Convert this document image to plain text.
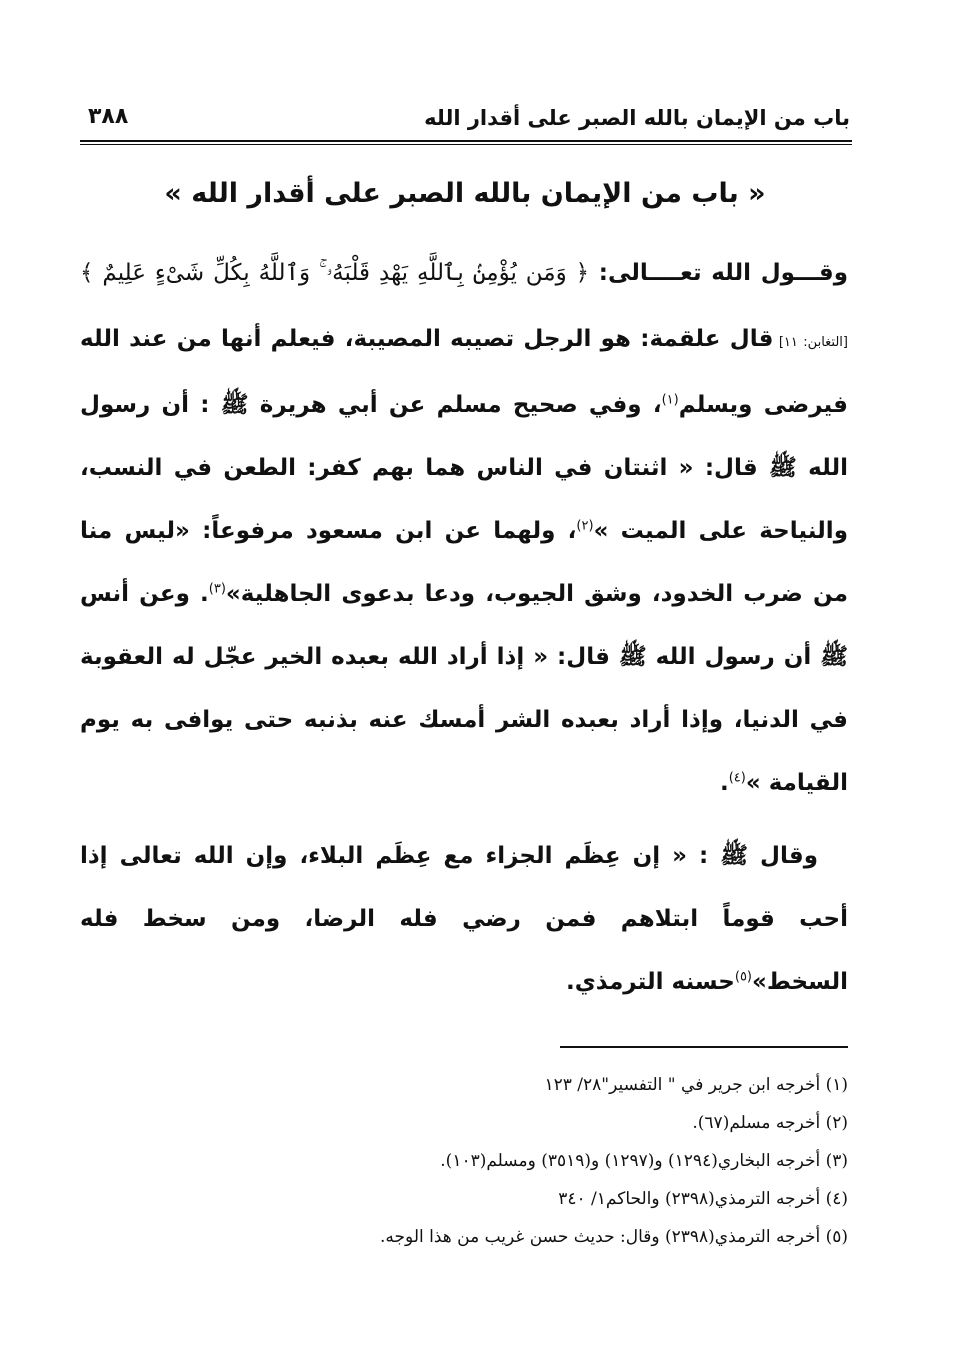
باب من الإيمان بالله الصبر على أقدار الله
٣٨٨
« باب من الإيمان بالله الصبر على أقدار الله »

وقـــول الله تعــــالى: ﴿ وَمَن يُؤْمِنۢ بِٱللَّهِ يَهْدِ قَلْبَهُۥ ۚ وَٱللَّهُ بِكُلِّ شَىْءٍ عَلِيمٌ ﴾ [التغابن: ١١] قال علقمة: هو الرجل تصيبه المصيبة، فيعلم أنها من عند الله فيرضى ويسلم$^{(١)}$، وفي صحيح مسلم عن أبي هريرة ﷺ : أن رسول الله ﷺ قال: « اثنتان في الناس هما بهم كفر: الطعن في النسب، والنياحة على الميت »$^{(٢)}$، ولهما عن ابن مسعود مرفوعاً: «ليس منا من ضرب الخدود، وشق الجيوب، ودعا بدعوى الجاهلية»$^{(٣)}$. وعن أنس ﷺ أن رسول الله ﷺ قال: « إذا أراد الله بعبده الخير عجّل له العقوبة في الدنيا، وإذا أراد بعبده الشر أمسك عنه بذنبه حتى يوافى به يوم القيامة »$^{(٤)}$.

وقال ﷺ : « إن عِظَم الجزاء مع عِظَم البلاء، وإن الله تعالى إذا أحب قوماً ابتلاهم فمن رضي فله الرضا، ومن سخط فله السخط»$^{(٥)}$حسنه الترمذي.

(١) أخرجه ابن جرير في " التفسير"٢٨/ ١٢٣

(٢) أخرجه مسلم(٦٧).

(٣) أخرجه البخاري(١٢٩٤) و(١٢٩٧) و(٣٥١٩) ومسلم(١٠٣).

(٤) أخرجه الترمذي(٢٣٩٨) والحاكم١/ ٣٤٠

(٥) أخرجه الترمذي(٢٣٩٨) وقال: حديث حسن غريب من هذا الوجه.
